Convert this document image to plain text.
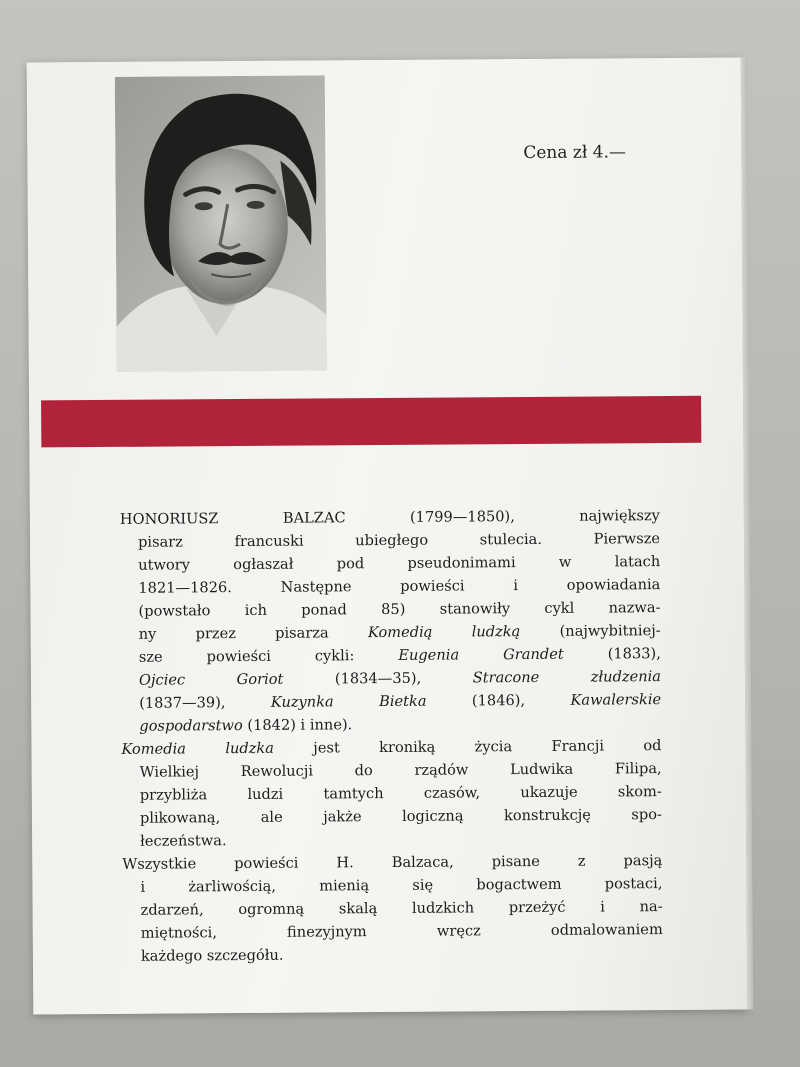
Cena zł 4.—
HONORIUSZ BALZAC (1799—1850), największy
pisarz francuski ubiegłego stulecia. Pierwsze
utwory ogłaszał pod pseudonimami w latach
1821—1826. Następne powieści i opowiadania
(powstało ich ponad 85) stanowiły cykl nazwa-
ny przez pisarza Komedią ludzką (najwybitniej-
sze powieści cykli: Eugenia Grandet (1833),
Ojciec Goriot (1834—35), Stracone złudzenia
(1837—39), Kuzynka Bietka (1846), Kawalerskie
gospodarstwo (1842) i inne).
Komedia ludzka jest kroniką życia Francji od
Wielkiej Rewolucji do rządów Ludwika Filipa,
przybliża ludzi tamtych czasów, ukazuje skom-
plikowaną, ale jakże logiczną konstrukcję spo-
łeczeństwa.
Wszystkie powieści H. Balzaca, pisane z pasją
i żarliwością, mienią się bogactwem postaci,
zdarzeń, ogromną skalą ludzkich przeżyć i na-
miętności, finezyjnym wręcz odmalowaniem
każdego szczegółu.
